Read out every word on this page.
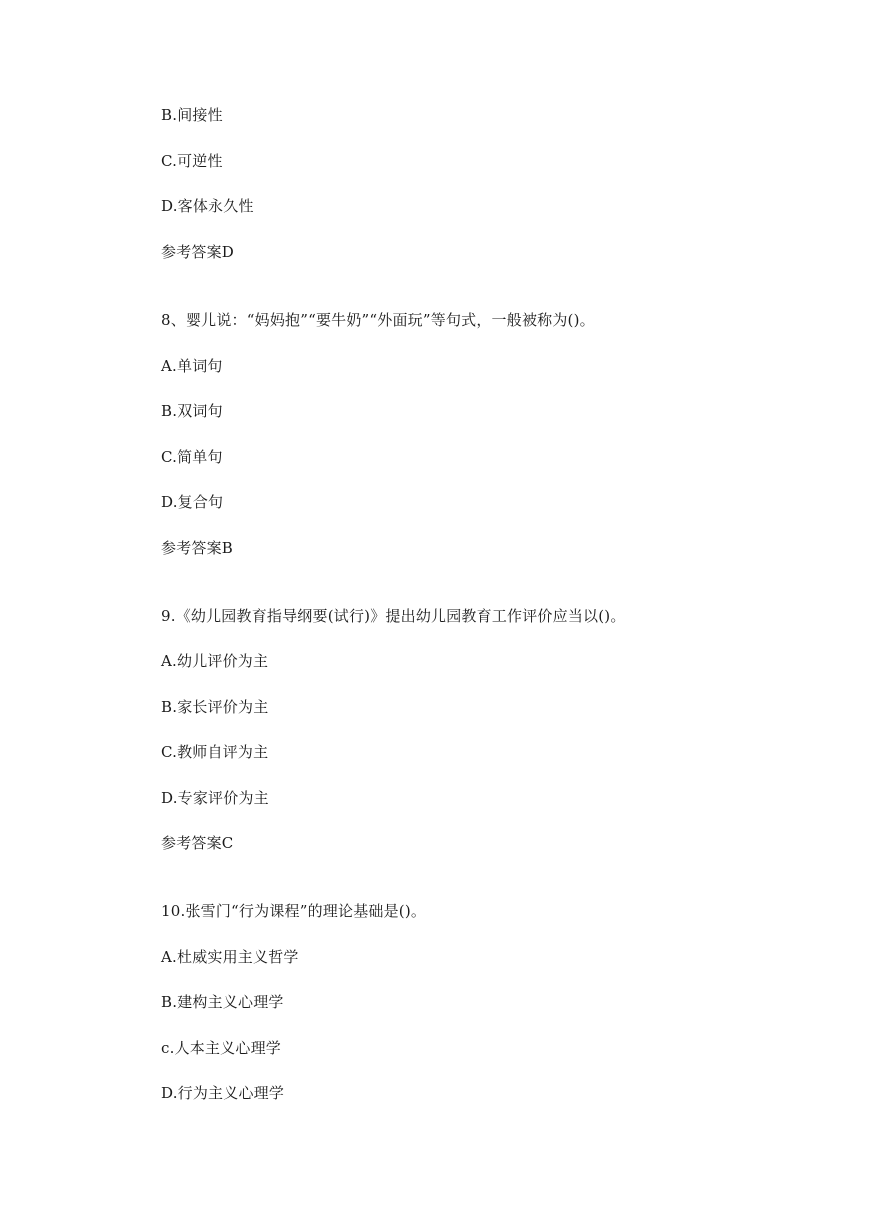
B.间接性
C.可逆性
D.客体永久性
参考答案D
8、婴儿说：“妈妈抱”“要牛奶”“外面玩”等句式，一般被称为()。
A.单词句
B.双词句
C.简单句
D.复合句
参考答案B
9.《幼儿园教育指导纲要(试行)》提出幼儿园教育工作评价应当以()。
A.幼儿评价为主
B.家长评价为主
C.教师自评为主
D.专家评价为主
参考答案C
10.张雪门“行为课程”的理论基础是()。
A.杜威实用主义哲学
B.建构主义心理学
c.人本主义心理学
D.行为主义心理学
